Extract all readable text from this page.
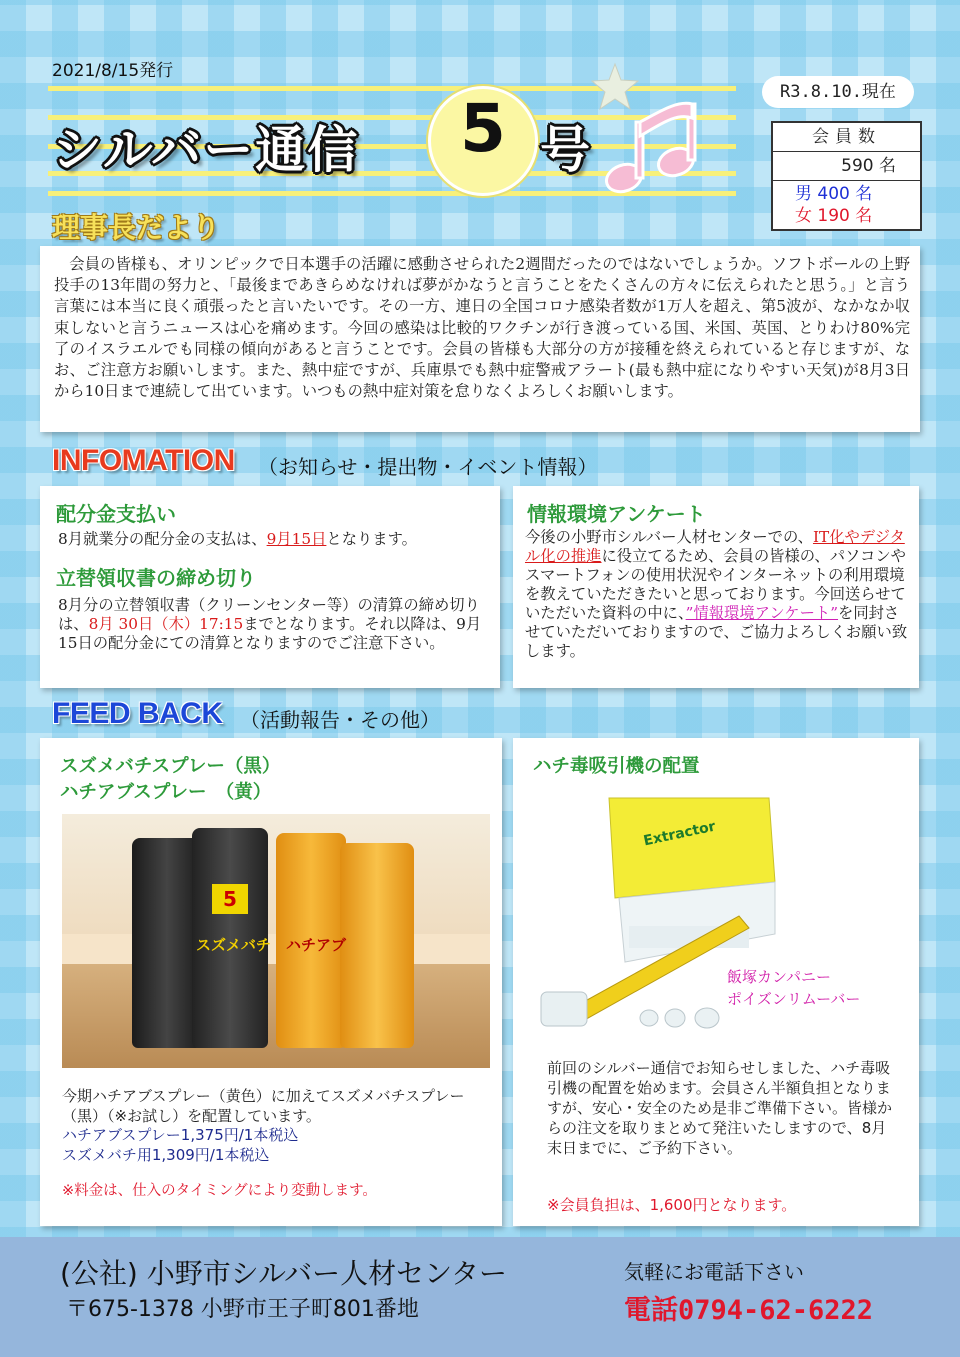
2021/8/15発行
シルバー通信	5 号
理事長だより
R3.8.10.現在
会員数
590 名
男 400 名
女 190 名
会員の皆様も、オリンピックで日本選手の活躍に感動させられた2週間だったのではないでしょうか。ソフトボールの上野投手の13年間の努力と、「最後まであきらめなければ夢がかなうと言うことをたくさんの方々に伝えられたと思う。」と言う言葉には本当に良く頑張ったと言いたいです。その一方、連日の全国コロナ感染者数が1万人を超え、第5波が、なかなか収束しないと言うニュースは心を痛めます。今回の感染は比較的ワクチンが行き渡っている国、米国、英国、とりわけ80%完了のイスラエルでも同様の傾向があると言うことです。会員の皆様も大部分の方が接種を終えられていると存じますが、なお、ご注意方お願いします。また、熱中症ですが、兵庫県でも熱中症警戒アラート(最も熱中症になりやすい天気)が8月3日から10日まで連続して出ています。いつもの熱中症対策を怠りなくよろしくお願いします。
INFOMATION （お知らせ・提出物・イベント情報）
配分金支払い
8月就業分の配分金の支払は、9月15日となります。
立替領収書の締め切り
8月分の立替領収書（クリーンセンター等）の清算の締め切りは、8月 30日（木）17:15までとなります。それ以降は、9月15日の配分金にての清算となりますのでご注意下さい。
情報環境アンケート
今後の小野市シルバー人材センターでの、IT化やデジタル化の推進に役立てるため、会員の皆様の、パソコンやスマートフォンの使用状況やインターネットの利用環境を教えていただきたいと思っております。今回送らせていただいた資料の中に、”情報環境アンケート”を同封させていただいておりますので、ご協力よろしくお願い致します。
FEED BACK （活動報告・その他）
スズメバチスプレー（黒）
ハチアブスプレー　（黄）
5
スズメバチ ハチアブ
今期ハチアブスプレー（黄色）に加えてスズメバチスプレー（黒）（※お試し）を配置しています。
ハチアブスプレー1,375円/1本税込
スズメバチ用1,309円/1本税込
※料金は、仕入のタイミングにより変動します。
ハチ毒吸引機の配置
Extractor
飯塚カンパニー
ポイズンリムーバー
前回のシルバー通信でお知らせしました、ハチ毒吸引機の配置を始めます。会員さん半額負担となりますが、安心・安全のため是非ご準備下さい。皆様からの注文を取りまとめて発注いたしますので、8月末日までに、ご予約下さい。
※会員負担は、1,600円となります。
(公社) 小野市シルバー人材センター
〒675-1378 小野市王子町801番地
気軽にお電話下さい
電話0794-62-6222
